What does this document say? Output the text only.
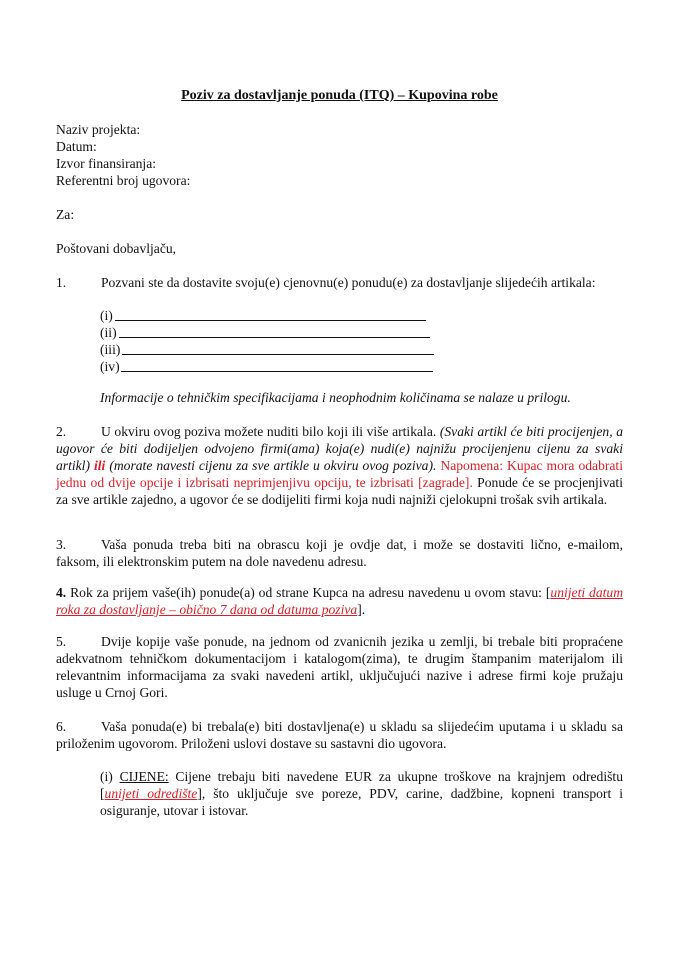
Poziv za dostavljanje ponuda (ITQ) – Kupovina robe
Naziv projekta:
Datum:
Izvor finansiranja:
Referentni broj ugovora:
Za:
Poštovani dobavljaču,
1.	Pozvani ste da dostavite svoju(e) cjenovnu(e) ponudu(e) za dostavljanje slijedećih artikala:
(i)
(ii)
(iii)
(iv)
Informacije o tehničkim specifikacijama i neophodnim količinama se nalaze u prilogu.
2.	U okviru ovog poziva možete nuditi bilo koji ili više artikala. (Svaki artikl će biti procijenjen, a ugovor će biti dodijeljen odvojeno firmi(ama) koja(e) nudi(e) najnižu procijenjenu cijenu za svaki artikl) ili (morate navesti cijenu za sve artikle u okviru ovog poziva). Napomena: Kupac mora odabrati jednu od dvije opcije i izbrisati neprimjenjivu opciju, te izbrisati [zagrade]. Ponude će se procjenjivati za sve artikle zajedno, a ugovor će se dodijeliti firmi koja nudi najniži cjelokupni trošak svih artikala.
3.	Vaša ponuda treba biti na obrascu koji je ovdje dat, i može se dostaviti lično, e-mailom, faksom, ili elektronskim putem na dole navedenu adresu.
4. Rok za prijem vaše(ih) ponude(a) od strane Kupca na adresu navedenu u ovom stavu: [unijeti datum roka za dostavljanje – obično 7 dana od datuma poziva].
5.	Dvije kopije vaše ponude, na jednom od zvanicnih jezika u zemlji, bi trebale biti propraćene adekvatnom tehničkom dokumentacijom i katalogom(zima), te drugim štampanim materijalom ili relevantnim informacijama za svaki navedeni artikl, uključujući nazive i adrese firmi koje pružaju usluge u Crnoj Gori.
6.	Vaša ponuda(e) bi trebala(e) biti dostavljena(e) u skladu sa slijedećim uputama i u skladu sa priloženim ugovorom. Priloženi uslovi dostave su sastavni dio ugovora.
(i) CIJENE: Cijene trebaju biti navedene EUR za ukupne troškove na krajnjem odredištu [unijeti odredište], što uključuje sve poreze, PDV, carine, dadžbine, kopneni transport i osiguranje, utovar i istovar.
